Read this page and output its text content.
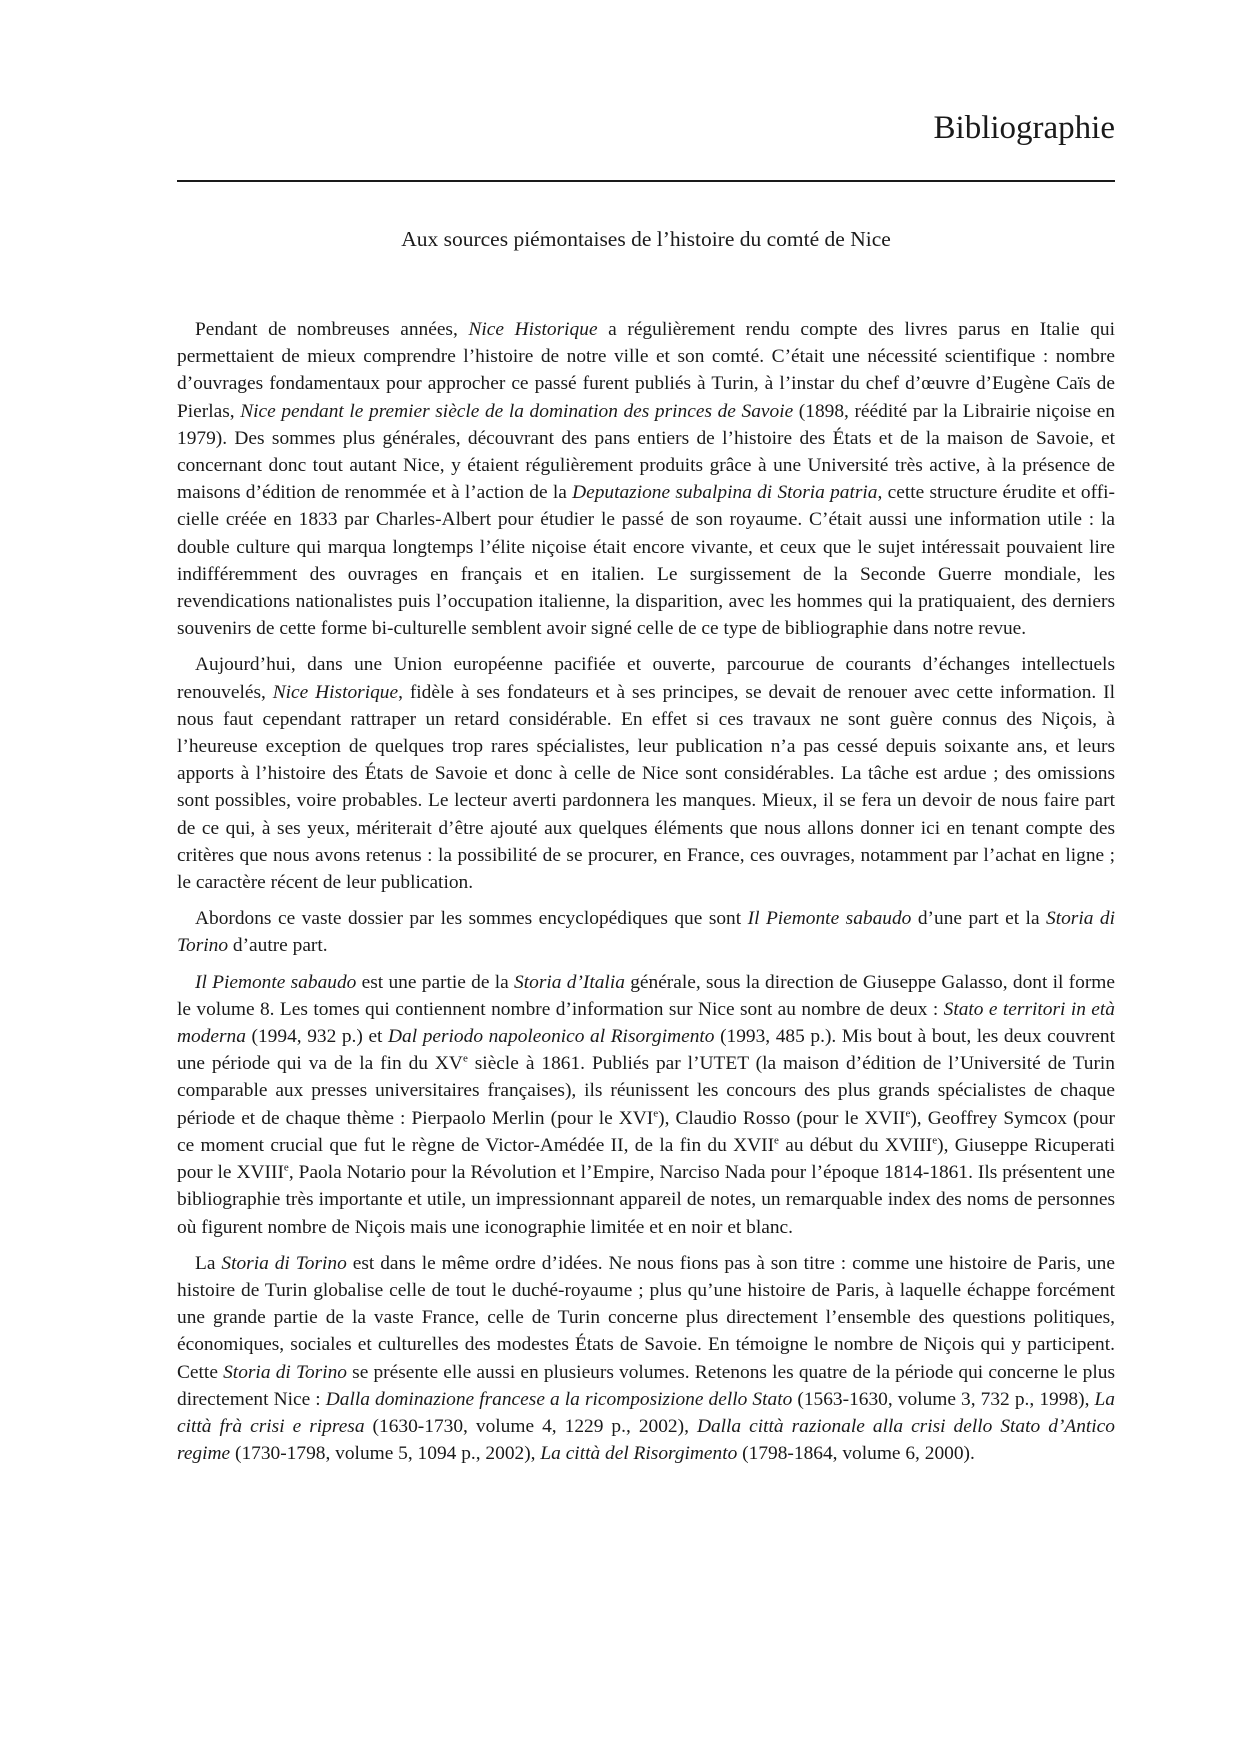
Bibliographie
Aux sources piémontaises de l’histoire du comté de Nice

Pendant de nombreuses années, Nice Historique a régulièrement rendu compte des livres parus en Italie qui permettaient de mieux comprendre l’histoire de notre ville et son comté. C’était une nécessité scientifique : nombre d’ouvrages fondamentaux pour approcher ce passé furent publiés à Turin, à l’instar du chef d’œuvre d’Eugène Caïs de Pierlas, Nice pendant le premier siècle de la domination des princes de Savoie (1898, réédité par la Librairie niçoise en 1979). Des sommes plus générales, découvrant des pans entiers de l’histoire des États et de la maison de Savoie, et concernant donc tout autant Nice, y étaient régulièrement produits grâce à une Université très active, à la présence de maisons d’édition de renommée et à l’action de la Deputazione subalpina di Storia patria, cette structure érudite et officielle créée en 1833 par Charles-Albert pour étudier le passé de son royaume. C’était aussi une information utile : la double culture qui marqua longtemps l’élite niçoise était encore vivante, et ceux que le sujet intéressait pouvaient lire indifféremment des ouvrages en français et en italien. Le surgissement de la Seconde Guerre mondiale, les revendications nationalistes puis l’occupation italienne, la disparition, avec les hommes qui la pratiquaient, des derniers souvenirs de cette forme bi-culturelle semblent avoir signé celle de ce type de bibliographie dans notre revue.

Aujourd’hui, dans une Union européenne pacifiée et ouverte, parcourue de courants d’échanges intellectuels renouvelés, Nice Historique, fidèle à ses fondateurs et à ses principes, se devait de renouer avec cette information. Il nous faut cependant rattraper un retard considérable. En effet si ces travaux ne sont guère connus des Niçois, à l’heureuse exception de quelques trop rares spécialistes, leur publication n’a pas cessé depuis soixante ans, et leurs apports à l’histoire des États de Savoie et donc à celle de Nice sont considérables. La tâche est ardue ; des omissions sont possibles, voire probables. Le lecteur averti pardonnera les manques. Mieux, il se fera un devoir de nous faire part de ce qui, à ses yeux, mériterait d’être ajouté aux quelques éléments que nous allons donner ici en tenant compte des critères que nous avons retenus : la possibilité de se procurer, en France, ces ouvrages, notamment par l’achat en ligne ; le caractère récent de leur publication.

Abordons ce vaste dossier par les sommes encyclopédiques que sont Il Piemonte sabaudo d’une part et la Storia di Torino d’autre part.

Il Piemonte sabaudo est une partie de la Storia d’Italia générale, sous la direction de Giuseppe Galasso, dont il forme le volume 8. Les tomes qui contiennent nombre d’information sur Nice sont au nombre de deux : Stato e territori in età moderna (1994, 932 p.) et Dal periodo napoleonico al Risorgimento (1993, 485 p.). Mis bout à bout, les deux couvrent une période qui va de la fin du XVe siècle à 1861. Publiés par l’UTET (la maison d’édition de l’Université de Turin comparable aux presses universitaires françaises), ils réunissent les concours des plus grands spécialistes de chaque période et de chaque thème : Pierpaolo Merlin (pour le XVIe), Claudio Rosso (pour le XVIIe), Geoffrey Symcox (pour ce moment crucial que fut le règne de Victor-Amédée II, de la fin du XVIIe au début du XVIIIe), Giuseppe Ricuperati pour le XVIIIe, Paola Notario pour la Révolution et l’Empire, Narciso Nada pour l’époque 1814-1861. Ils présentent une bibliographie très importante et utile, un impressionnant appareil de notes, un remarquable index des noms de personnes où figurent nombre de Niçois mais une iconographie limitée et en noir et blanc.

La Storia di Torino est dans le même ordre d’idées. Ne nous fions pas à son titre : comme une histoire de Paris, une histoire de Turin globalise celle de tout le duché-royaume ; plus qu’une histoire de Paris, à laquelle échappe forcément une grande partie de la vaste France, celle de Turin concerne plus directement l’ensemble des questions politiques, économiques, sociales et culturelles des modestes États de Savoie. En témoigne le nombre de Niçois qui y participent. Cette Storia di Torino se présente elle aussi en plusieurs volumes. Retenons les quatre de la période qui concerne le plus directement Nice : Dalla dominazione francese a la ricomposizione dello Stato (1563-1630, volume 3, 732 p., 1998), La città frà crisi e ripresa (1630-1730, volume 4, 1229 p., 2002), Dalla città razionale alla crisi dello Stato d’Antico regime (1730-1798, volume 5, 1094 p., 2002), La città del Risorgimento (1798-1864, volume 6, 2000).
